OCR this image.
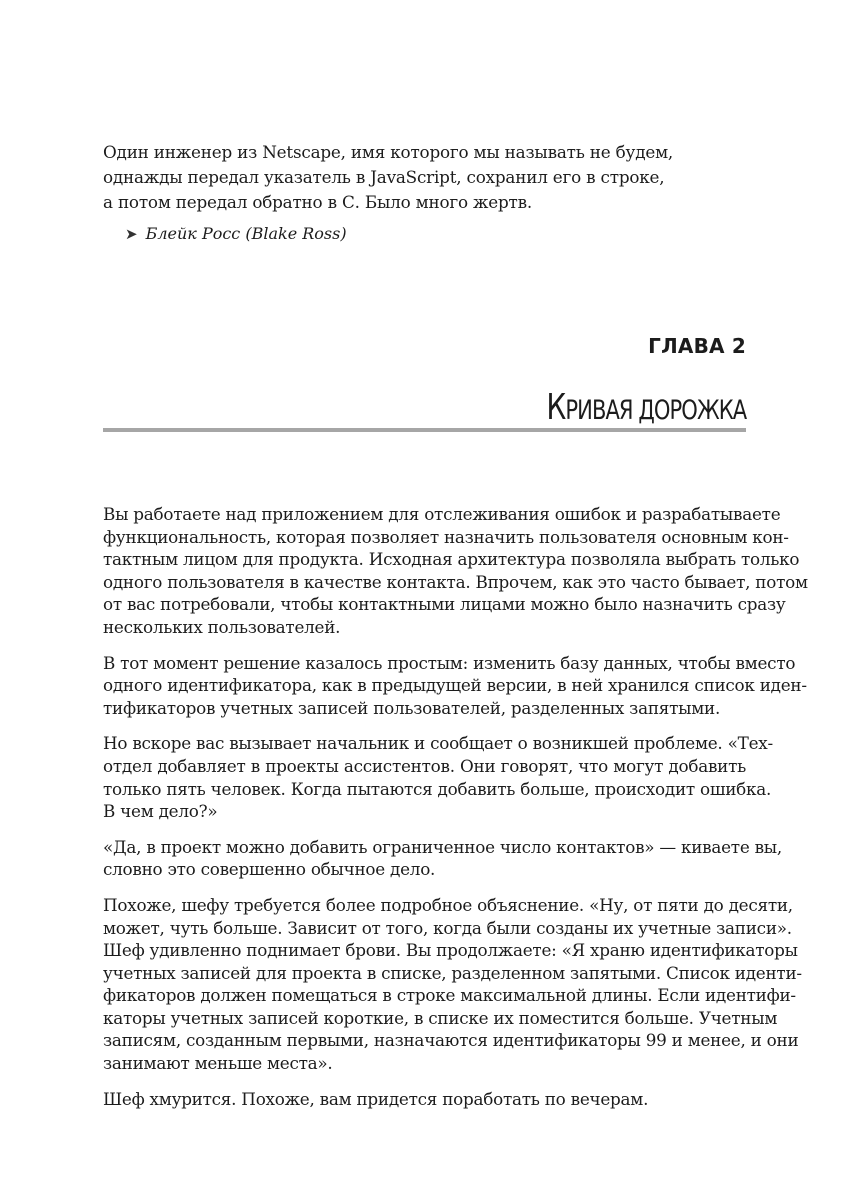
Один инженер из Netscape, имя которого мы называть не будем,
однажды передал указатель в JavaScript, сохранил его в строке,
а потом передал обратно в С. Было много жертв.
➤ Блейк Росс (Blake Ross)
ГЛАВА 2
КРИВАЯ ДОРОЖКА
Вы работаете над приложением для отслеживания ошибок и разрабатываете
функциональность, которая позволяет назначить пользователя основным кон-
тактным лицом для продукта. Исходная архитектура позволяла выбрать только
одного пользователя в качестве контакта. Впрочем, как это часто бывает, потом
от вас потребовали, чтобы контактными лицами можно было назначить сразу
нескольких пользователей.
В тот момент решение казалось простым: изменить базу данных, чтобы вместо
одного идентификатора, как в предыдущей версии, в ней хранился список иден-
тификаторов учетных записей пользователей, разделенных запятыми.
Но вскоре вас вызывает начальник и сообщает о возникшей проблеме. «Тех-
отдел добавляет в проекты ассистентов. Они говорят, что могут добавить
только пять человек. Когда пытаются добавить больше, происходит ошибка.
В чем дело?»
«Да, в проект можно добавить ограниченное число контактов» — киваете вы,
словно это совершенно обычное дело.
Похоже, шефу требуется более подробное объяснение. «Ну, от пяти до десяти,
может, чуть больше. Зависит от того, когда были созданы их учетные записи».
Шеф удивленно поднимает брови. Вы продолжаете: «Я храню идентификаторы
учетных записей для проекта в списке, разделенном запятыми. Список иденти-
фикаторов должен помещаться в строке максимальной длины. Если идентифи-
каторы учетных записей короткие, в списке их поместится больше. Учетным
записям, созданным первыми, назначаются идентификаторы 99 и менее, и они
занимают меньше места».
Шеф хмурится. Похоже, вам придется поработать по вечерам.
